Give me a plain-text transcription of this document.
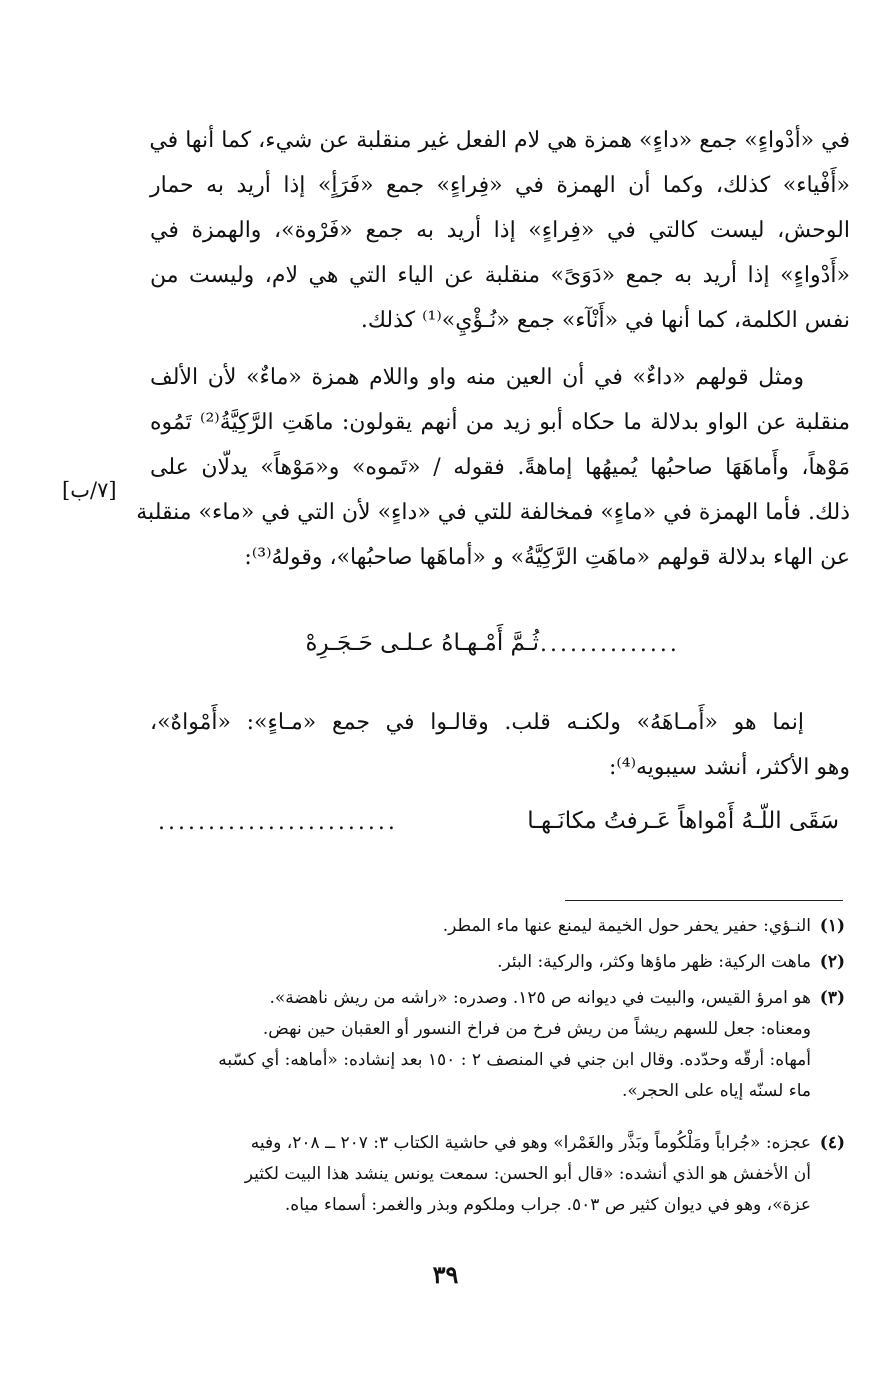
في «أدْواءٍ» جمع «داءٍ» همزة هي لام الفعل غير منقلبة عن شيء، كما أنها في
«أَفْياء» كذلك، وكما أن الهمزة في «فِراءٍ» جمع «فَرَأٍ» إذا أريد به حمار
الوحش، ليست كالتي في «فِراءٍ» إذا أريد به جمع «فَرْوة»، والهمزة في
«أَدْواءٍ» إذا أريد به جمع «دَوَىً» منقلبة عن الياء التي هي لام، وليست من
نفس الكلمة، كما أنها في «أَنْآء» جمع «نُـؤْيِ»⁽¹⁾ كذلك.
ومثل قولهم «داءٌ» في أن العين منه واو واللام همزة «ماءٌ» لأن الألف
منقلبة عن الواو بدلالة ما حكاه أبو زيد من أنهم يقولون: ماهَتِ الرَّكِيَّةُ⁽²⁾ تَمُوه
مَوْهاً، وأَماهَهَا صاحبُها يُميهُها إماهةً. فقوله / «تَموه» و«مَوْهاً» يدلّان على
ذلك. فأما الهمزة في «ماءٍ» فمخالفة للتي في «داءٍ» لأن التي في «ماء» منقلبة
عن الهاء بدلالة قولهم «ماهَتِ الرَّكِيَّةُ» و «أماهَها صاحبُها»، وقولهُ⁽³⁾:
[٧/ب]
ثُـمَّ أَمْـهـاهُ عـلـى حَـجَـرِهْ ..............
إنما هو «أَمـاهَهُ» ولكنـه قلب. وقالـوا في جمع «مـاءٍ»: «أَمْواهٌ»،
وهو الأكثر، أنشد سيبويه⁽⁴⁾:
سَقَى اللّـهُ أَمْواهاً عَـرفتُ مكانَـهـا
........................
(١)النـؤي: حفير يحفر حول الخيمة ليمنع عنها ماء المطر.
(٢)ماهت الركية: ظهر ماؤها وكثر، والركية: البئر.
(٣)هو امرؤ القيس، والبيت في ديوانه ص ١٢٥. وصدره: «راشه من ريش ناهضة».
ومعناه: جعل للسهم ريشاً من ريش فرخ من فراخ النسور أو العقبان حين نهض.
أمهاه: أرقّه وحدّده. وقال ابن جني في المنصف ٢ : ١٥٠ بعد إنشاده: «أماهه: أي كسّبه
ماء لسنّه إياه على الحجر».
(٤)عجزه: «جُراباً ومَلْكُوماً وبَذَّر والغَمْرا» وهو في حاشية الكتاب ٣: ٢٠٧ ــ ٢٠٨، وفيه
أن الأخفش هو الذي أنشده: «قال أبو الحسن: سمعت يونس ينشد هذا البيت لكثير
عزة»، وهو في ديوان كثير ص ٥٠٣. جراب وملكوم وبذر والغمر: أسماء مياه.
٣٩
